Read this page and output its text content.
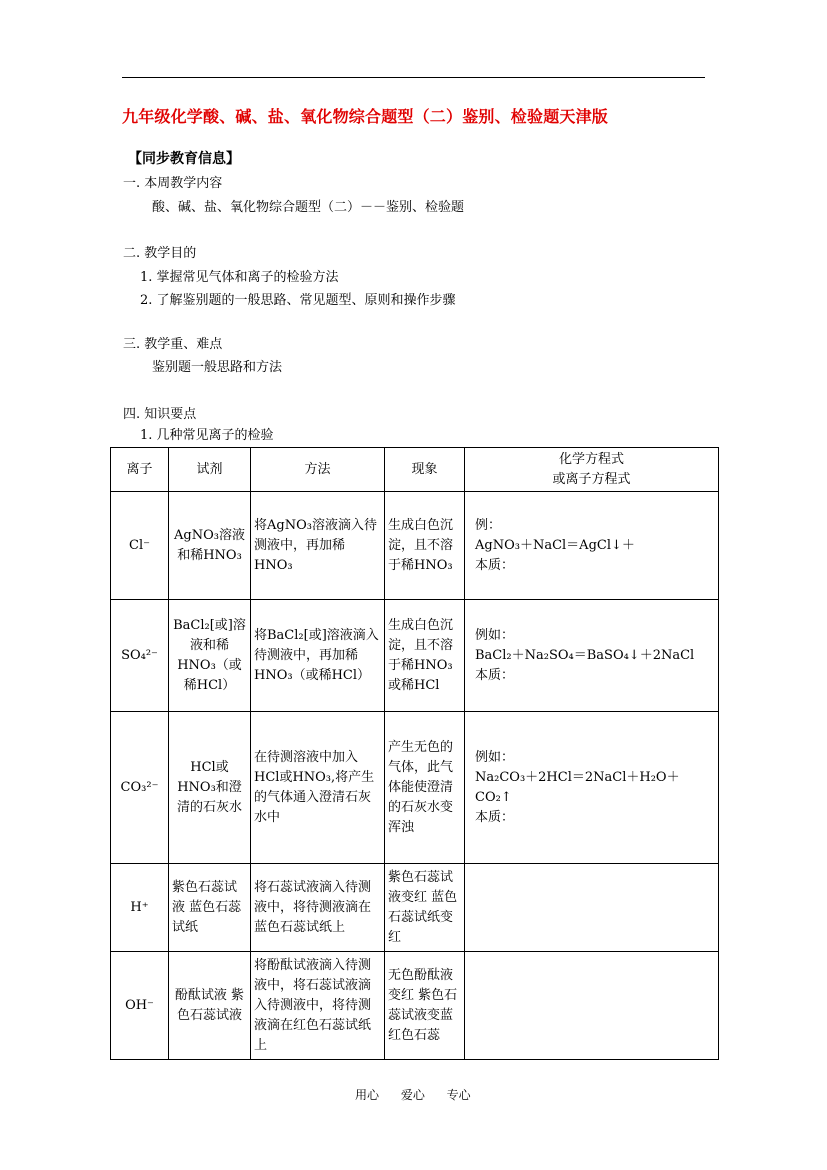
九年级化学酸、碱、盐、氧化物综合题型（二）鉴别、检验题天津版
【同步教育信息】
一. 本周教学内容
酸、碱、盐、氧化物综合题型（二）－－鉴别、检验题
二. 教学目的
1. 掌握常见气体和离子的检验方法
2. 了解鉴别题的一般思路、常见题型、原则和操作步骤
三. 教学重、难点
鉴别题一般思路和方法
四. 知识要点
1. 几种常见离子的检验
离子	试剂	方法	现象	化学方程式
或离子方程式

Cl⁻	AgNO₃溶液和稀HNO₃	将AgNO₃溶液滴入待测液中，再加稀HNO₃	生成白色沉淀，且不溶于稀HNO₃	例：
AgNO₃＋NaCl＝AgCl↓＋
本质：

SO₄²⁻	BaCl₂[或]溶液和稀HNO₃（或稀HCl）	将BaCl₂[或]溶液滴入待测液中，再加稀HNO₃（或稀HCl）	生成白色沉淀，且不溶于稀HNO₃或稀HCl	例如：
BaCl₂＋Na₂SO₄＝BaSO₄↓＋2NaCl
本质：

CO₃²⁻	HCl或HNO₃和澄清的石灰水	在待测溶液中加入HCl或HNO₃,将产生的气体通入澄清石灰水中	产生无色的气体，此气体能使澄清的石灰水变浑浊	例如：
Na₂CO₃＋2HCl＝2NaCl＋H₂O＋CO₂↑
本质：

H⁺	紫色石蕊试液 蓝色石蕊试纸	将石蕊试液滴入待测液中，将待测液滴在蓝色石蕊试纸上	紫色石蕊试液变红 蓝色石蕊试纸变红	
OH⁻	酚酞试液 紫色石蕊试液	将酚酞试液滴入待测液中，将石蕊试液滴入待测液中，将待测液滴在红色石蕊试纸上	无色酚酞液变红 紫色石蕊试液变蓝 红色石蕊	
用心 爱心 专心
